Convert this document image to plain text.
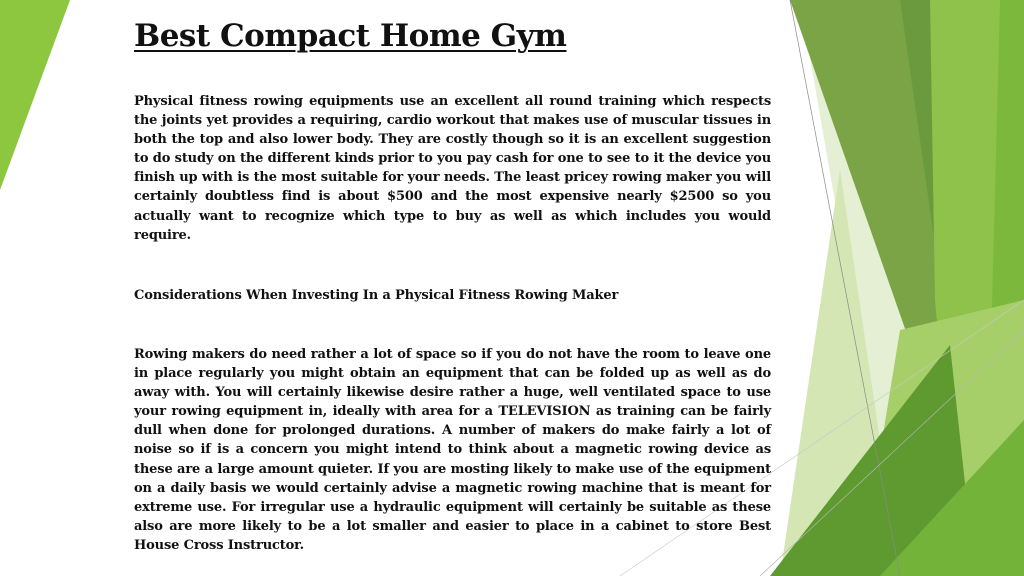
Best Compact Home Gym

Physical fitness rowing equipments use an excellent all round training which respects the joints yet provides a requiring, cardio workout that makes use of muscular tissues in both the top and also lower body. They are costly though so it is an excellent suggestion to do study on the different kinds prior to you pay cash for one to see to it the device you finish up with is the most suitable for your needs. The least pricey rowing maker you will certainly doubtless find is about $500 and the most expensive nearly $2500 so you actually want to recognize which type to buy as well as which includes you would require.

Considerations When Investing In a Physical Fitness Rowing Maker

Rowing makers do need rather a lot of space so if you do not have the room to leave one in place regularly you might obtain an equipment that can be folded up as well as do away with. You will certainly likewise desire rather a huge, well ventilated space to use your rowing equipment in, ideally with area for a TELEVISION as training can be fairly dull when done for prolonged durations. A number of makers do make fairly a lot of noise so if is a concern you might intend to think about a magnetic rowing device as these are a large amount quieter. If you are mosting likely to make use of the equipment on a daily basis we would certainly advise a magnetic rowing machine that is meant for extreme use. For irregular use a hydraulic equipment will certainly be suitable as these also are more likely to be a lot smaller and easier to place in a cabinet to store Best House Cross Instructor.
